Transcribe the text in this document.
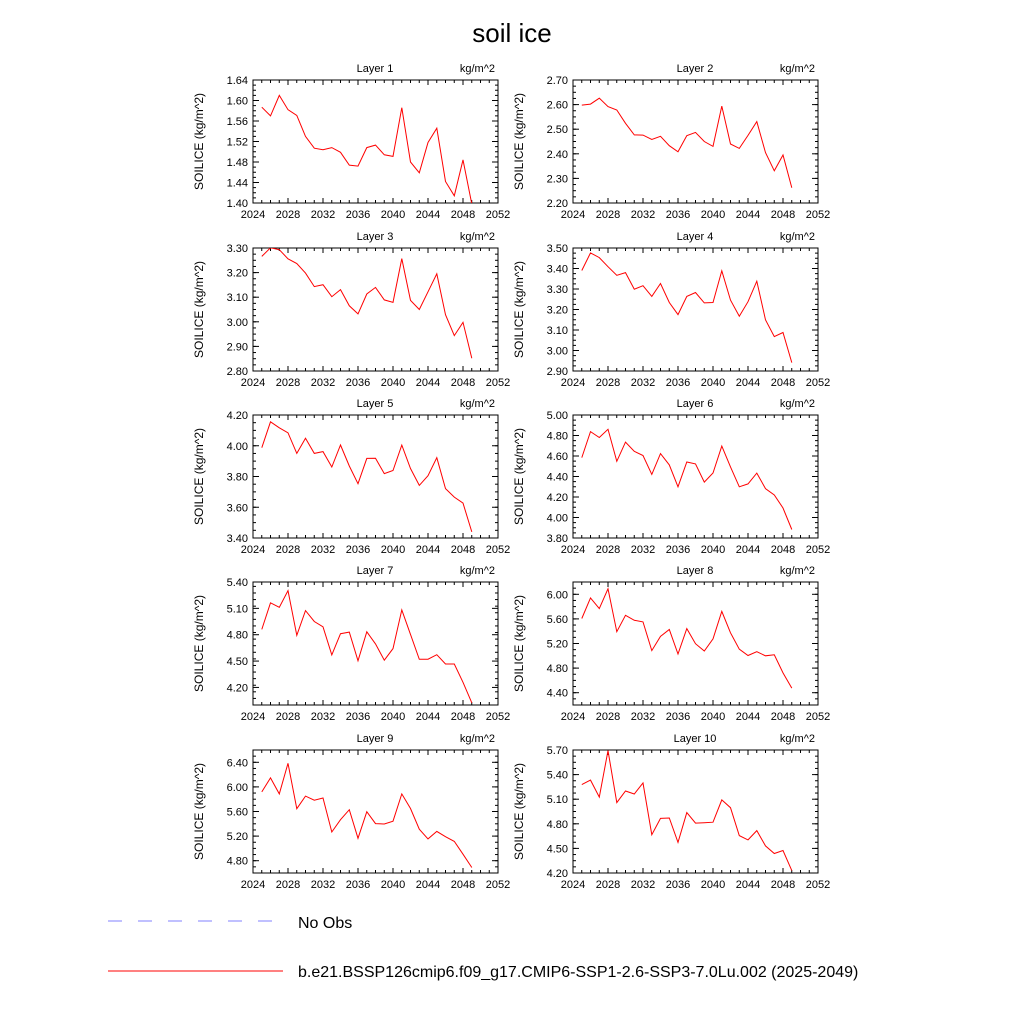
soil ice
Layer 1	kg/m^2
SOILICE (kg/m^2)
2024 2028 2032 2036 2040 2044 2048 2052
1.40
1.44
1.48
1.52
1.56
1.60
1.64
Layer 2	kg/m^2
SOILICE (kg/m^2)
2024 2028 2032 2036 2040 2044 2048 2052
2.20
2.30
2.40
2.50
2.60
2.70
Layer 3	kg/m^2
SOILICE (kg/m^2)
2024 2028 2032 2036 2040 2044 2048 2052
2.80
2.90
3.00
3.10
3.20
3.30
Layer 4	kg/m^2
SOILICE (kg/m^2)
2024 2028 2032 2036 2040 2044 2048 2052
2.90
3.00
3.10
3.20
3.30
3.40
3.50
Layer 5	kg/m^2
SOILICE (kg/m^2)
2024 2028 2032 2036 2040 2044 2048 2052
3.40
3.60
3.80
4.00
4.20
Layer 6	kg/m^2
SOILICE (kg/m^2)
2024 2028 2032 2036 2040 2044 2048 2052
3.80
4.00
4.20
4.40
4.60
4.80
5.00
Layer 7	kg/m^2
SOILICE (kg/m^2)
2024 2028 2032 2036 2040 2044 2048 2052
4.20
4.50
4.80
5.10
5.40
Layer 8	kg/m^2
SOILICE (kg/m^2)
2024 2028 2032 2036 2040 2044 2048 2052
4.40
4.80
5.20
5.60
6.00
Layer 9	kg/m^2
SOILICE (kg/m^2)
2024 2028 2032 2036 2040 2044 2048 2052
4.80
5.20
5.60
6.00
6.40
Layer 10	kg/m^2
SOILICE (kg/m^2)
2024 2028 2032 2036 2040 2044 2048 2052
4.20
4.50
4.80
5.10
5.40
5.70
No Obs
b.e21.BSSP126cmip6.f09_g17.CMIP6-SSP1-2.6-SSP3-7.0Lu.002 (2025-2049)
